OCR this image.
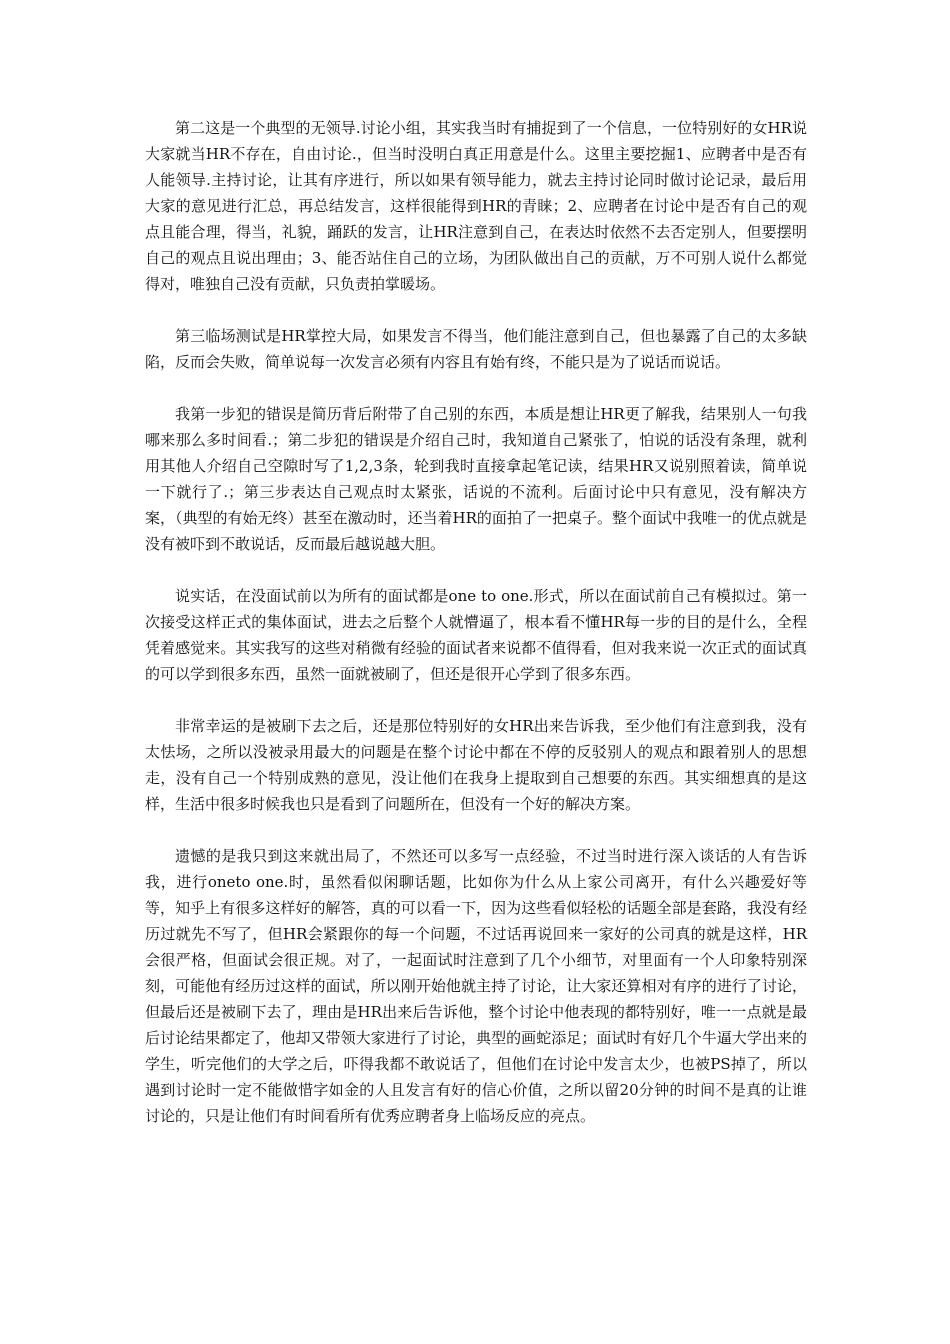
第二这是一个典型的无领导.讨论小组，其实我当时有捕捉到了一个信息，一位特别好的女HR说大家就当HR不存在，自由讨论.，但当时没明白真正用意是什么。这里主要挖掘1、应聘者中是否有人能领导.主持讨论，让其有序进行，所以如果有领导能力，就去主持讨论同时做讨论记录，最后用大家的意见进行汇总，再总结发言，这样很能得到HR的青睐；2、应聘者在讨论中是否有自己的观点且能合理，得当，礼貌，踊跃的发言，让HR注意到自己，在表达时依然不去否定别人，但要摆明自己的观点且说出理由；3、能否站住自己的立场，为团队做出自己的贡献，万不可别人说什么都觉得对，唯独自己没有贡献，只负责拍掌暖场。

第三临场测试是HR掌控大局，如果发言不得当，他们能注意到自己，但也暴露了自己的太多缺陷，反而会失败，简单说每一次发言必须有内容且有始有终，不能只是为了说话而说话。

我第一步犯的错误是简历背后附带了自己别的东西，本质是想让HR更了解我，结果别人一句我哪来那么多时间看.；第二步犯的错误是介绍自己时，我知道自己紧张了，怕说的话没有条理，就利用其他人介绍自己空隙时写了1,2,3条，轮到我时直接拿起笔记读，结果HR又说别照着读，简单说一下就行了.；第三步表达自己观点时太紧张，话说的不流利。后面讨论中只有意见，没有解决方案，（典型的有始无终）甚至在激动时，还当着HR的面拍了一把桌子。整个面试中我唯一的优点就是没有被吓到不敢说话，反而最后越说越大胆。

说实话，在没面试前以为所有的面试都是one to one.形式，所以在面试前自己有模拟过。第一次接受这样正式的集体面试，进去之后整个人就懵逼了，根本看不懂HR每一步的目的是什么，全程凭着感觉来。其实我写的这些对稍微有经验的面试者来说都不值得看，但对我来说一次正式的面试真的可以学到很多东西，虽然一面就被刷了，但还是很开心学到了很多东西。

非常幸运的是被刷下去之后，还是那位特别好的女HR出来告诉我，至少他们有注意到我，没有太怯场，之所以没被录用最大的问题是在整个讨论中都在不停的反驳别人的观点和跟着别人的思想走，没有自己一个特别成熟的意见，没让他们在我身上提取到自己想要的东西。其实细想真的是这样，生活中很多时候我也只是看到了问题所在，但没有一个好的解决方案。

遗憾的是我只到这来就出局了，不然还可以多写一点经验，不过当时进行深入谈话的人有告诉我，进行oneto one.时，虽然看似闲聊话题，比如你为什么从上家公司离开，有什么兴趣爱好等等，知乎上有很多这样好的解答，真的可以看一下，因为这些看似轻松的话题全部是套路，我没有经历过就先不写了，但HR会紧跟你的每一个问题，不过话再说回来一家好的公司真的就是这样，HR会很严格，但面试会很正规。对了，一起面试时注意到了几个小细节，对里面有一个人印象特别深刻，可能他有经历过这样的面试，所以刚开始他就主持了讨论，让大家还算相对有序的进行了讨论，但最后还是被刷下去了，理由是HR出来后告诉他，整个讨论中他表现的都特别好，唯一一点就是最后讨论结果都定了，他却又带领大家进行了讨论，典型的画蛇添足；面试时有好几个牛逼大学出来的学生，听完他们的大学之后，吓得我都不敢说话了，但他们在讨论中发言太少，也被PS掉了，所以遇到讨论时一定不能做惜字如金的人且发言有好的信心价值，之所以留20分钟的时间不是真的让谁讨论的，只是让他们有时间看所有优秀应聘者身上临场反应的亮点。
